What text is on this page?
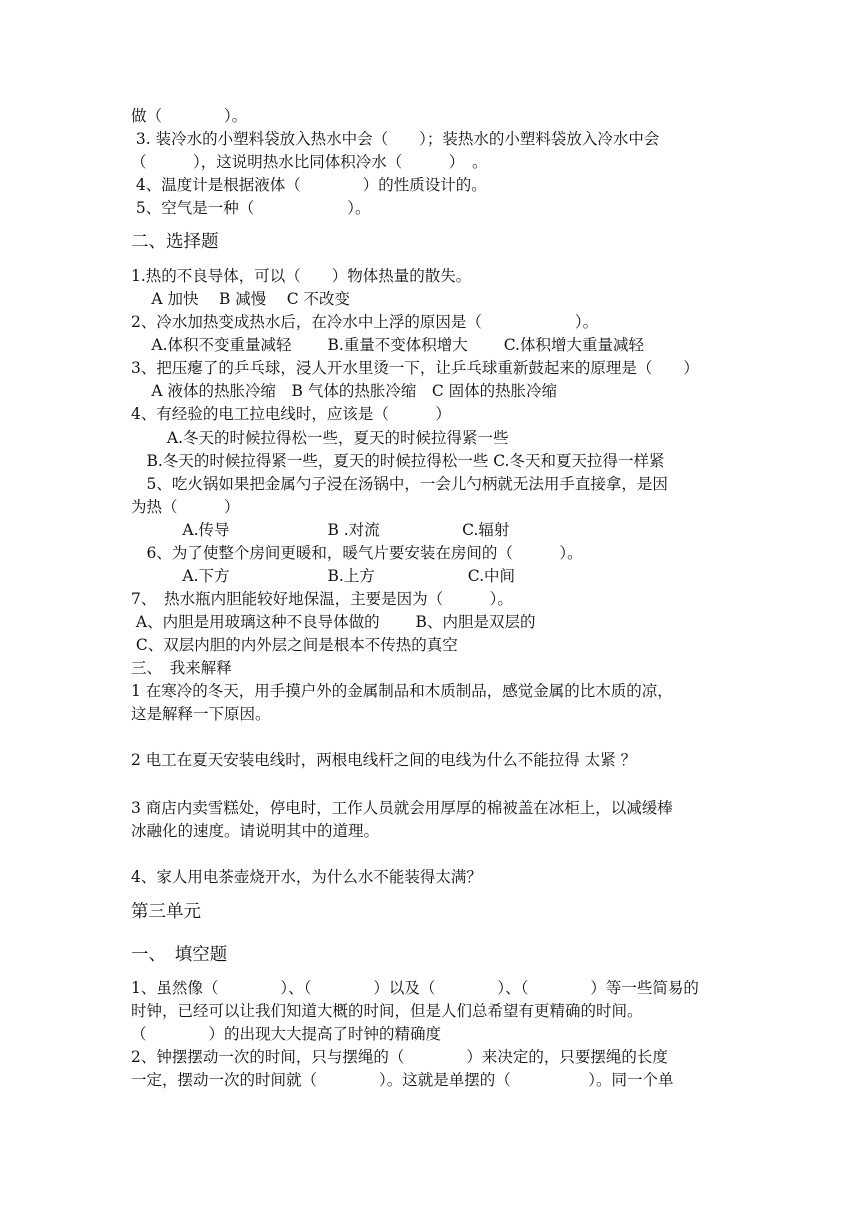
做（　　　　）。
3. 装冷水的小塑料袋放入热水中会（　　）；装热水的小塑料袋放入冷水中会
（　　　），这说明热水比同体积冷水（　　　）　。
4、温度计是根据液体（　　　　）的性质设计的。
5、空气是一种（　　　　　　）。
二、选择题
1.热的不良导体，可以（　　）物体热量的散失。
　 A 加快　 B 减慢　 C 不改变
2、冷水加热变成热水后，在冷水中上浮的原因是（　　　　　　）。
　 A.体积不变重量减轻　　 B.重量不变体积增大　　 C.体积增大重量减轻
3、把压瘪了的乒乓球，浸人开水里烫一下，让乒乓球重新鼓起来的原理是（　　）
　 A 液体的热胀冷缩　B 气体的热胀冷缩　C 固体的热胀冷缩
4、有经验的电工拉电线时，应该是（　　　）
　　 A.冬天的时候拉得松一些，夏天的时候拉得紧一些
　B.冬天的时候拉得紧一些，夏天的时候拉得松一些 C.冬天和夏天拉得一样紧
　5、吃火锅如果把金属勺子浸在汤锅中，一会儿勺柄就无法用手直接拿，是因
为热（　　　）
　　　 A.传导　　　　　　 B .对流　　　　　 C.辐射
　6、为了使整个房间更暖和，暖气片要安装在房间的（　　　）。
　　　 A.下方　　　　　　 B.上方　　　　　　C.中间
7、　热水瓶内胆能较好地保温，主要是因为（　　　）。
A、内胆是用玻璃这种不良导体做的　　 B、内胆是双层的
C、双层内胆的内外层之间是根本不传热的真空
三、　我来解释
1 在寒冷的冬天，用手摸户外的金属制品和木质制品，感觉金属的比木质的凉，
这是解释一下原因。
2 电工在夏天安装电线时，两根电线杆之间的电线为什么不能拉得 太紧 ？
3 商店内卖雪糕处，停电时，工作人员就会用厚厚的棉被盖在冰柜上，以减缓棒
冰融化的速度。请说明其中的道理。
4、家人用电茶壶烧开水，为什么水不能装得太满？
第三单元
一、　填空题
1、虽然像（　　　　）、（　　　　）以及（　　　　）、（　　　　）等一些简易的
时钟，已经可以让我们知道大概的时间，但是人们总希望有更精确的时间。
（　　　　）的出现大大提高了时钟的精确度
2、钟摆摆动一次的时间，只与摆绳的（　　　　）来决定的，只要摆绳的长度
一定，摆动一次的时间就（　　　　）。这就是单摆的（　　　　　）。同一个单
